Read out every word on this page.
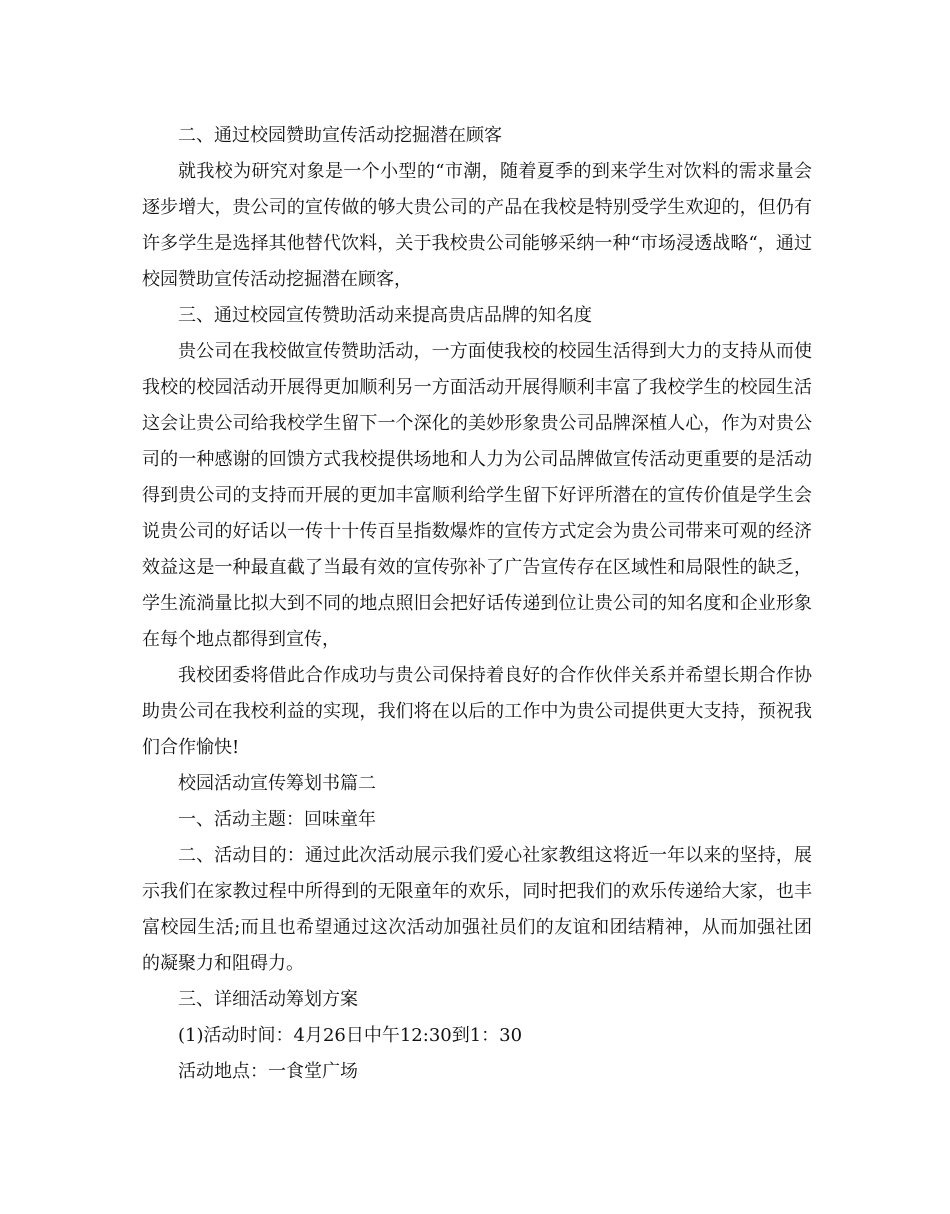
二、通过校园赞助宣传活动挖掘潜在顾客

就我校为研究对象是一个小型的“市潮，随着夏季的到来学生对饮料的需求量会逐步增大，贵公司的宣传做的够大贵公司的产品在我校是特别受学生欢迎的，但仍有许多学生是选择其他替代饮料，关于我校贵公司能够采纳一种“市场浸透战略“，通过校园赞助宣传活动挖掘潜在顾客，

三、通过校园宣传赞助活动来提高贵店品牌的知名度

贵公司在我校做宣传赞助活动，一方面使我校的校园生活得到大力的支持从而使我校的校园活动开展得更加顺利另一方面活动开展得顺利丰富了我校学生的校园生活这会让贵公司给我校学生留下一个深化的美妙形象贵公司品牌深植人心，作为对贵公司的一种感谢的回馈方式我校提供场地和人力为公司品牌做宣传活动更重要的是活动得到贵公司的支持而开展的更加丰富顺利给学生留下好评所潜在的宣传价值是学生会说贵公司的好话以一传十十传百呈指数爆炸的宣传方式定会为贵公司带来可观的经济效益这是一种最直截了当最有效的宣传弥补了广告宣传存在区域性和局限性的缺乏，学生流淌量比拟大到不同的地点照旧会把好话传递到位让贵公司的知名度和企业形象在每个地点都得到宣传，

我校团委将借此合作成功与贵公司保持着良好的合作伙伴关系并希望长期合作协助贵公司在我校利益的实现，我们将在以后的工作中为贵公司提供更大支持，预祝我们合作愉快!

校园活动宣传筹划书篇二

一、活动主题：回味童年

二、活动目的：通过此次活动展示我们爱心社家教组这将近一年以来的坚持，展示我们在家教过程中所得到的无限童年的欢乐，同时把我们的欢乐传递给大家，也丰富校园生活;而且也希望通过这次活动加强社员们的友谊和团结精神，从而加强社团的凝聚力和阻碍力。

三、详细活动筹划方案

(1)活动时间：4月26日中午12:30到1：30

活动地点：一食堂广场
